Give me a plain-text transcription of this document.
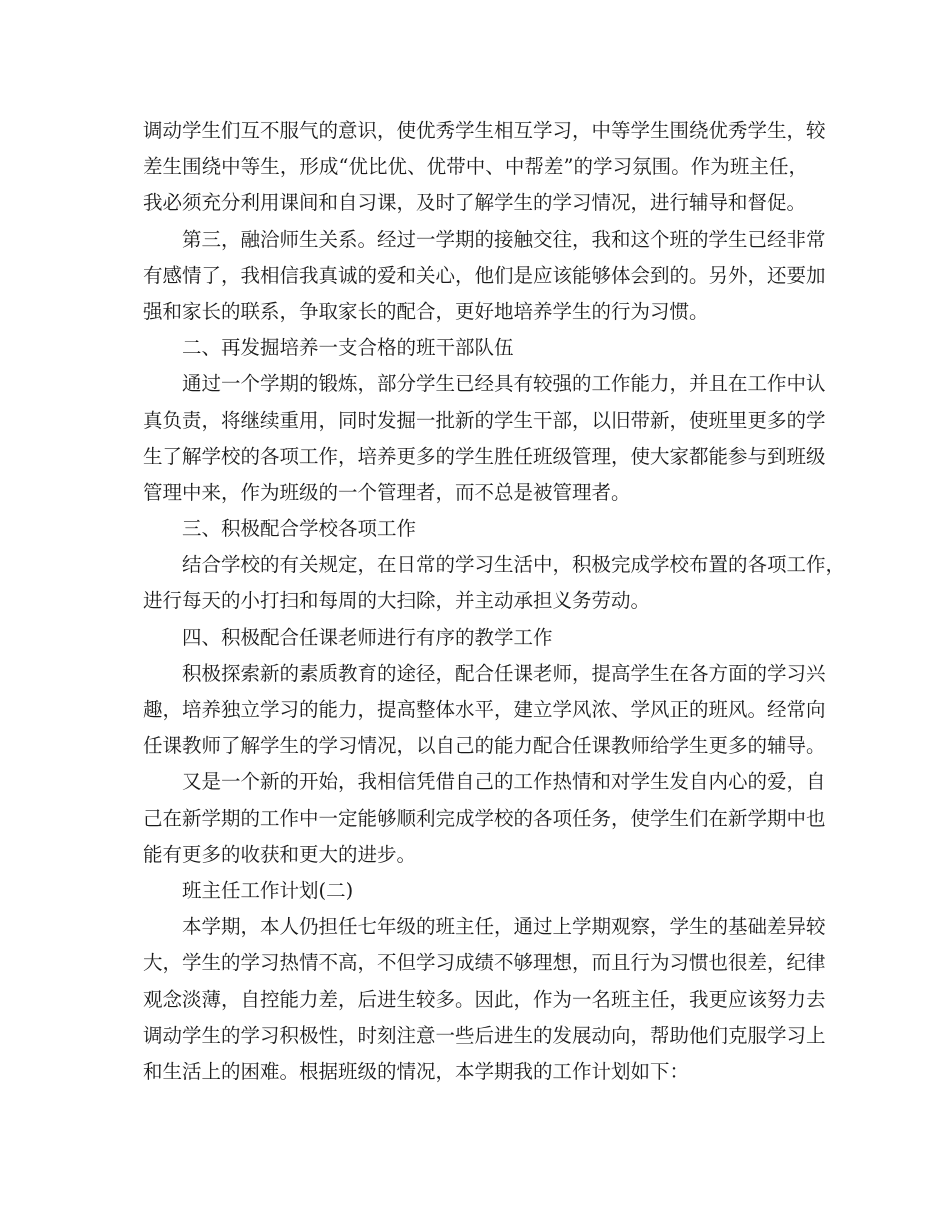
调动学生们互不服气的意识，使优秀学生相互学习，中等学生围绕优秀学生，较
差生围绕中等生，形成“优比优、优带中、中帮差”的学习氛围。作为班主任，
我必须充分利用课间和自习课，及时了解学生的学习情况，进行辅导和督促。
第三，融洽师生关系。经过一学期的接触交往，我和这个班的学生已经非常
有感情了，我相信我真诚的爱和关心，他们是应该能够体会到的。另外，还要加
强和家长的联系，争取家长的配合，更好地培养学生的行为习惯。
二、再发掘培养一支合格的班干部队伍
通过一个学期的锻炼，部分学生已经具有较强的工作能力，并且在工作中认
真负责，将继续重用，同时发掘一批新的学生干部，以旧带新，使班里更多的学
生了解学校的各项工作，培养更多的学生胜任班级管理，使大家都能参与到班级
管理中来，作为班级的一个管理者，而不总是被管理者。
三、积极配合学校各项工作
结合学校的有关规定，在日常的学习生活中，积极完成学校布置的各项工作，
进行每天的小打扫和每周的大扫除，并主动承担义务劳动。
四、积极配合任课老师进行有序的教学工作
积极探索新的素质教育的途径，配合任课老师，提高学生在各方面的学习兴
趣，培养独立学习的能力，提高整体水平，建立学风浓、学风正的班风。经常向
任课教师了解学生的学习情况，以自己的能力配合任课教师给学生更多的辅导。
又是一个新的开始，我相信凭借自己的工作热情和对学生发自内心的爱，自
己在新学期的工作中一定能够顺利完成学校的各项任务，使学生们在新学期中也
能有更多的收获和更大的进步。
班主任工作计划(二)
本学期，本人仍担任七年级的班主任，通过上学期观察，学生的基础差异较
大，学生的学习热情不高，不但学习成绩不够理想，而且行为习惯也很差，纪律
观念淡薄，自控能力差，后进生较多。因此，作为一名班主任，我更应该努力去
调动学生的学习积极性，时刻注意一些后进生的发展动向，帮助他们克服学习上
和生活上的困难。根据班级的情况，本学期我的工作计划如下：
